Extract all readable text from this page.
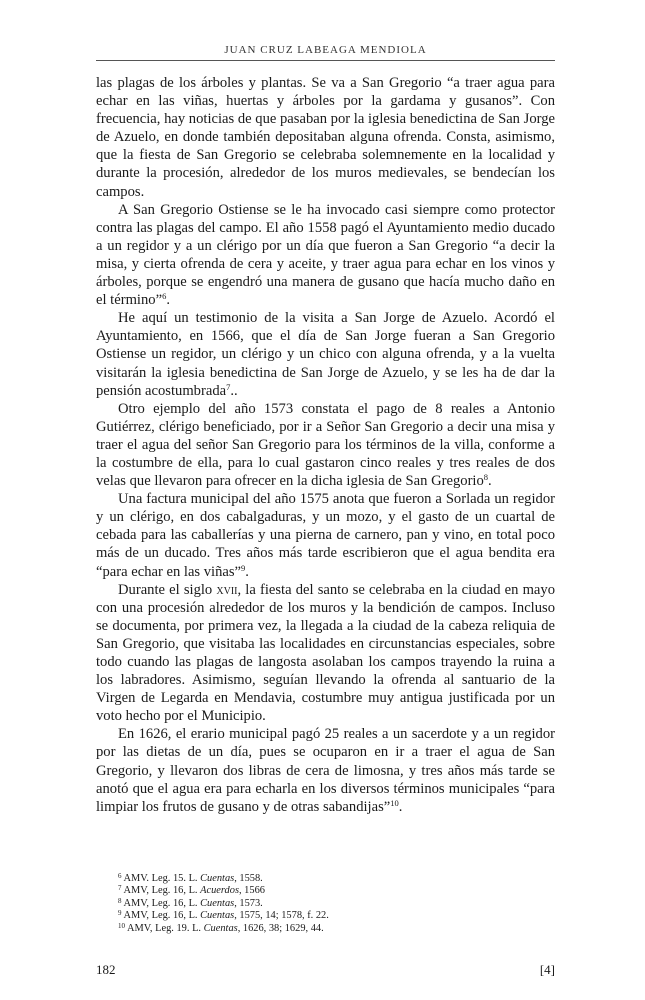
JUAN CRUZ LABEAGA MENDIOLA

las plagas de los árboles y plantas. Se va a San Gregorio “a traer agua para echar en las viñas, huertas y árboles por la gardama y gusanos”. Con frecuencia, hay noticias de que pasaban por la iglesia benedictina de San Jorge de Azuelo, en donde también depositaban alguna ofrenda. Consta, asimismo, que la fiesta de San Gregorio se celebraba solemnemente en la localidad y durante la procesión, alrededor de los muros medievales, se bendecían los campos.

A San Gregorio Ostiense se le ha invocado casi siempre como protector contra las plagas del campo. El año 1558 pagó el Ayuntamiento medio ducado a un regidor y a un clérigo por un día que fueron a San Gregorio “a decir la misa, y cierta ofrenda de cera y aceite, y traer agua para echar en los vinos y árboles, porque se engendró una manera de gusano que hacía mucho daño en el término”$^6$.

He aquí un testimonio de la visita a San Jorge de Azuelo. Acordó el Ayuntamiento, en 1566, que el día de San Jorge fueran a San Gregorio Ostiense un regidor, un clérigo y un chico con alguna ofrenda, y a la vuelta visitarán la iglesia benedictina de San Jorge de Azuelo, y se les ha de dar la pensión acostumbrada$^7$..

Otro ejemplo del año 1573 constata el pago de 8 reales a Antonio Gutiérrez, clérigo beneficiado, por ir a Señor San Gregorio a decir una misa y traer el agua del señor San Gregorio para los términos de la villa, conforme a la costumbre de ella, para lo cual gastaron cinco reales y tres reales de dos velas que llevaron para ofrecer en la dicha iglesia de San Gregorio$^8$.

Una factura municipal del año 1575 anota que fueron a Sorlada un regidor y un clérigo, en dos cabalgaduras, y un mozo, y el gasto de un cuartal de cebada para las caballerías y una pierna de carnero, pan y vino, en total poco más de un ducado. Tres años más tarde escribieron que el agua bendita era “para echar en las viñas”$^9$.

Durante el siglo xvii, la fiesta del santo se celebraba en la ciudad en mayo con una procesión alrededor de los muros y la bendición de campos. Incluso se documenta, por primera vez, la llegada a la ciudad de la cabeza reliquia de San Gregorio, que visitaba las localidades en circunstancias especiales, sobre todo cuando las plagas de langosta asolaban los campos trayendo la ruina a los labradores. Asimismo, seguían llevando la ofrenda al santuario de la Virgen de Legarda en Mendavia, costumbre muy antigua justificada por un voto hecho por el Municipio.

En 1626, el erario municipal pagó 25 reales a un sacerdote y a un regidor por las dietas de un día, pues se ocuparon en ir a traer el agua de San Gregorio, y llevaron dos libras de cera de limosna, y tres años más tarde se anotó que el agua era para echarla en los diversos términos municipales “para limpiar los frutos de gusano y de otras sabandijas”$^{10}$.

$^6$ AMV. Leg. 15. L. Cuentas, 1558.
$^7$ AMV, Leg. 16, L. Acuerdos, 1566
$^8$ AMV, Leg. 16, L. Cuentas, 1573.
$^9$ AMV, Leg. 16, L. Cuentas, 1575, 14; 1578, f. 22.
$^{10}$ AMV, Leg. 19. L. Cuentas, 1626, 38; 1629, 44.
182	[4]
